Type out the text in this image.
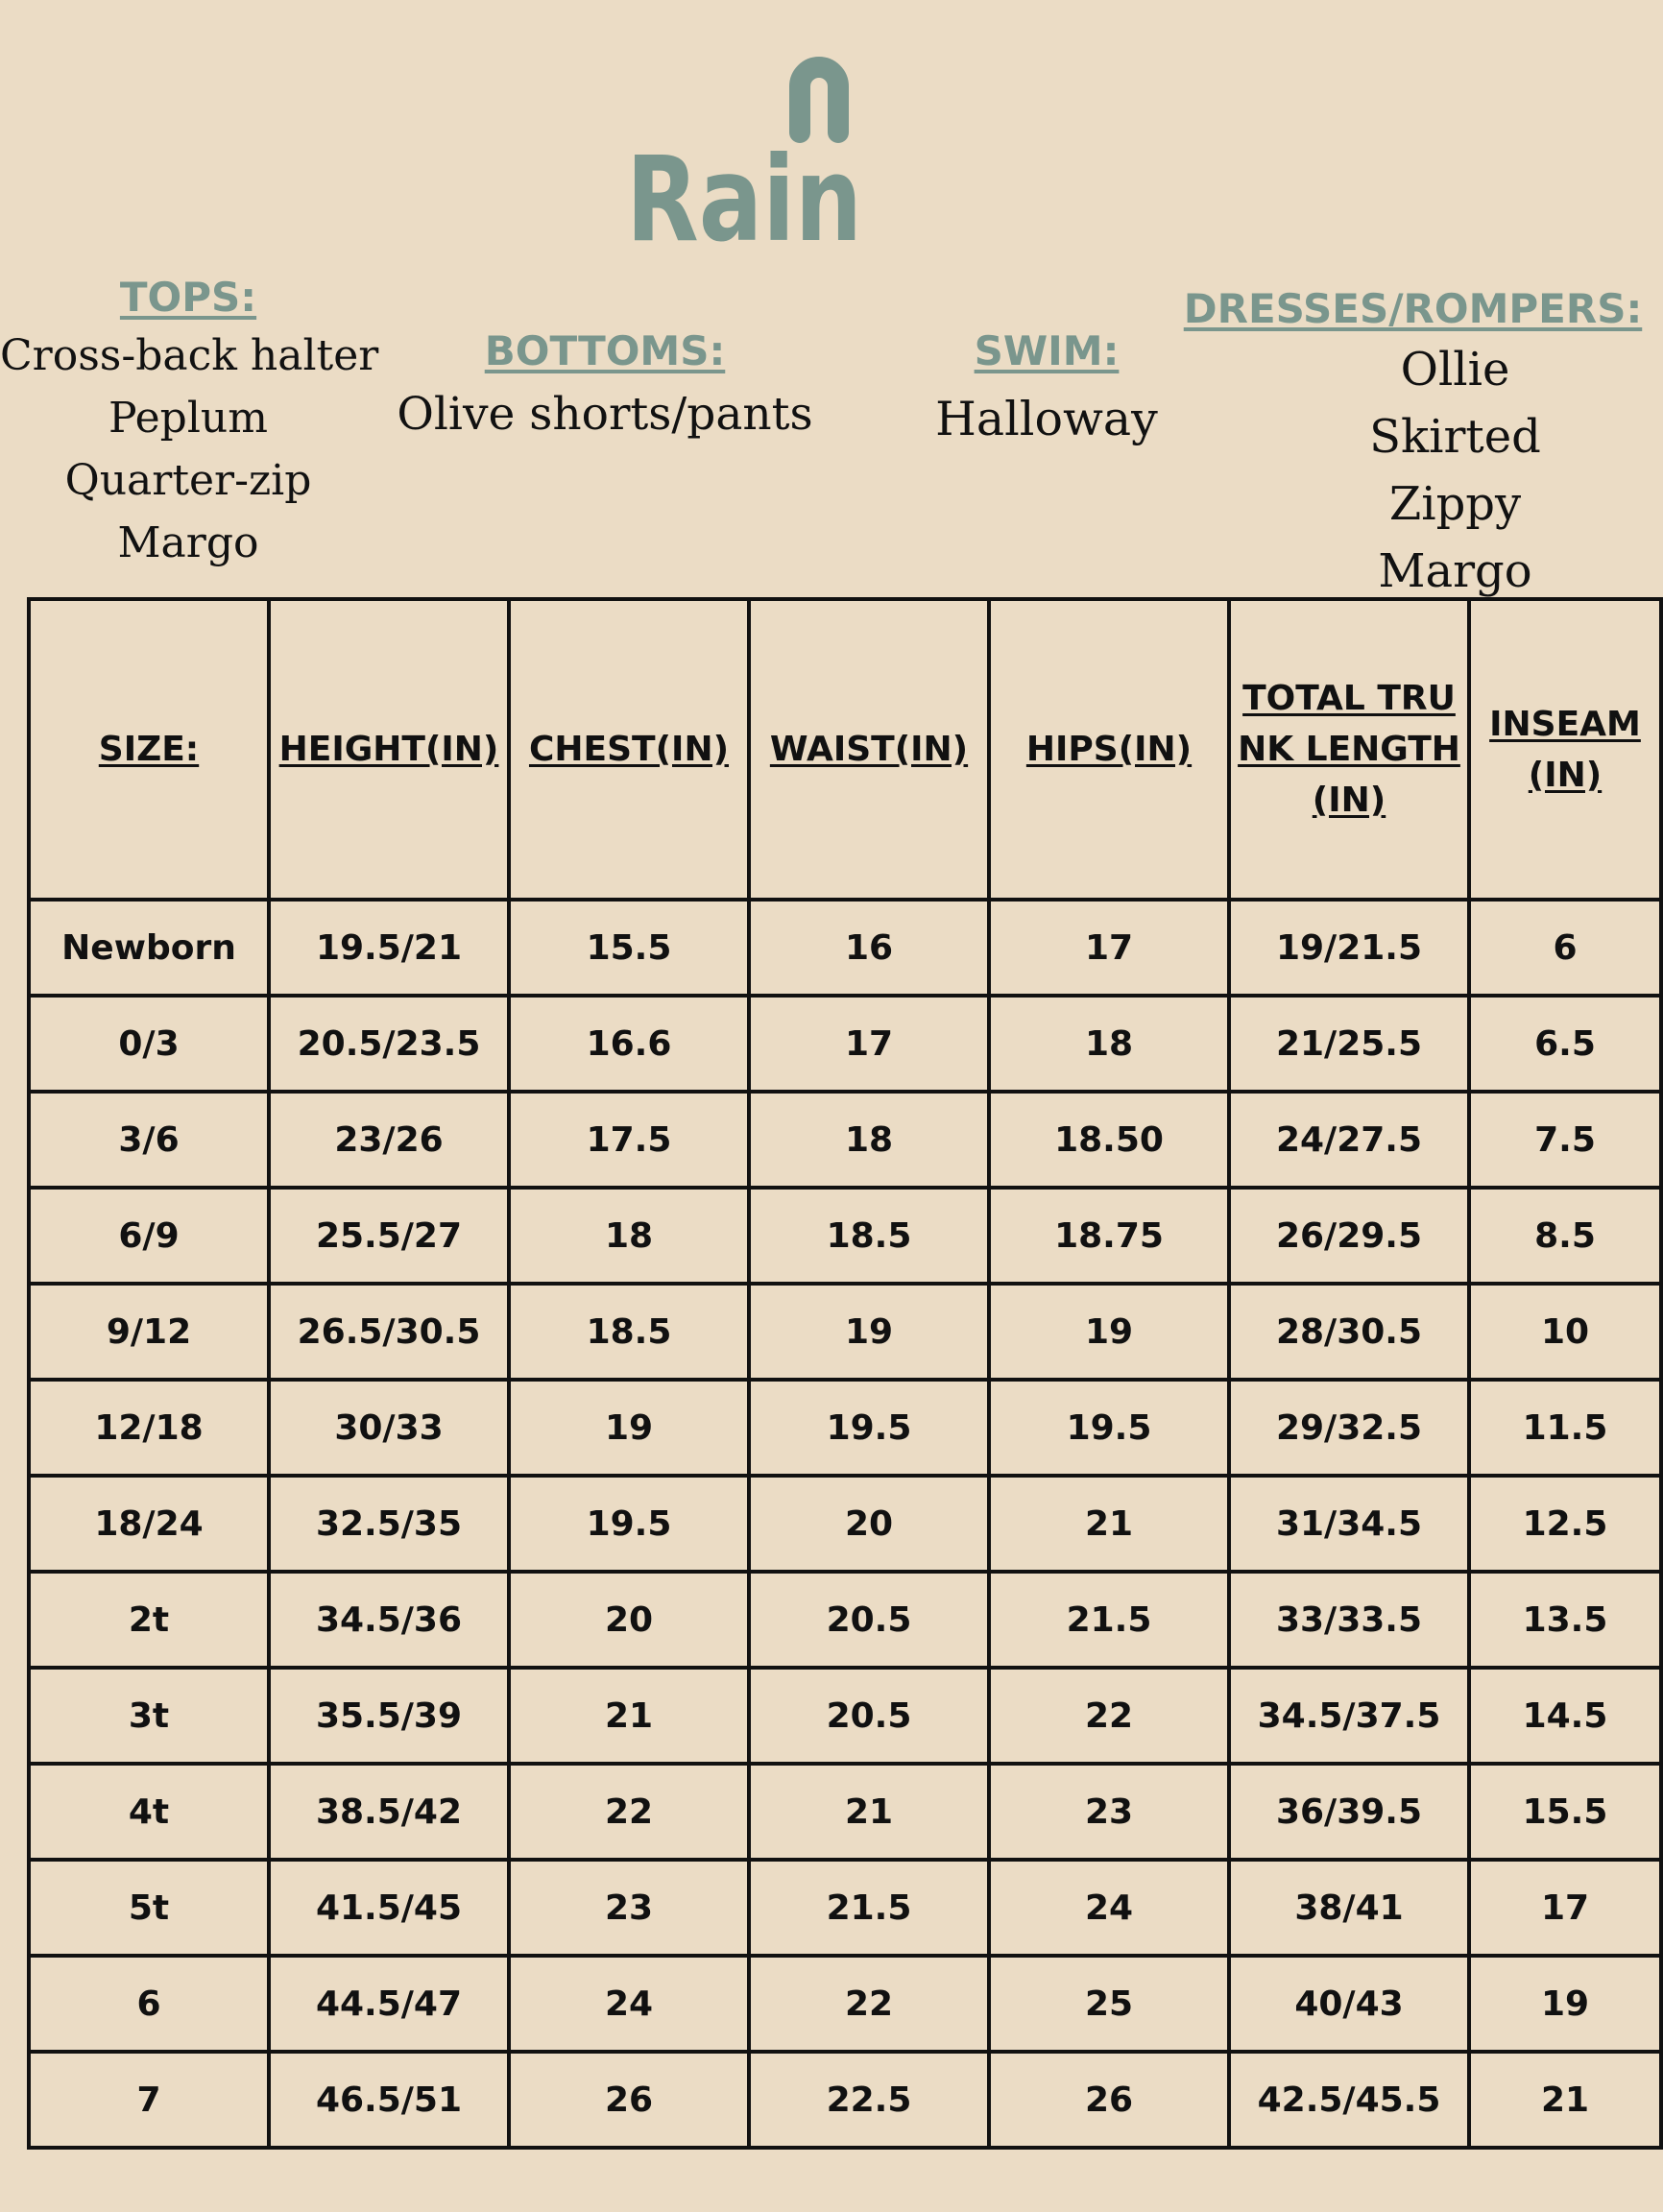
Rain
TOPS:
Cross-back halter
Peplum
Quarter-zip
Margo
BOTTOMS:
Olive shorts/pants
SWIM:
Halloway
DRESSES/ROMPERS:
Ollie
Skirted
Zippy
Margo
SIZE:	HEIGHT(IN)	CHEST(IN)	WAIST(IN)	HIPS(IN)	TOTAL TRUNK LENGTH(IN)	INSEAM (IN)
Newborn	19.5/21	15.5	16	17	19/21.5	6
0/3	20.5/23.5	16.6	17	18	21/25.5	6.5
3/6	23/26	17.5	18	18.50	24/27.5	7.5
6/9	25.5/27	18	18.5	18.75	26/29.5	8.5
9/12	26.5/30.5	18.5	19	19	28/30.5	10
12/18	30/33	19	19.5	19.5	29/32.5	11.5
18/24	32.5/35	19.5	20	21	31/34.5	12.5
2t	34.5/36	20	20.5	21.5	33/33.5	13.5
3t	35.5/39	21	20.5	22	34.5/37.5	14.5
4t	38.5/42	22	21	23	36/39.5	15.5
5t	41.5/45	23	21.5	24	38/41	17
6	44.5/47	24	22	25	40/43	19
7	46.5/51	26	22.5	26	42.5/45.5	21
